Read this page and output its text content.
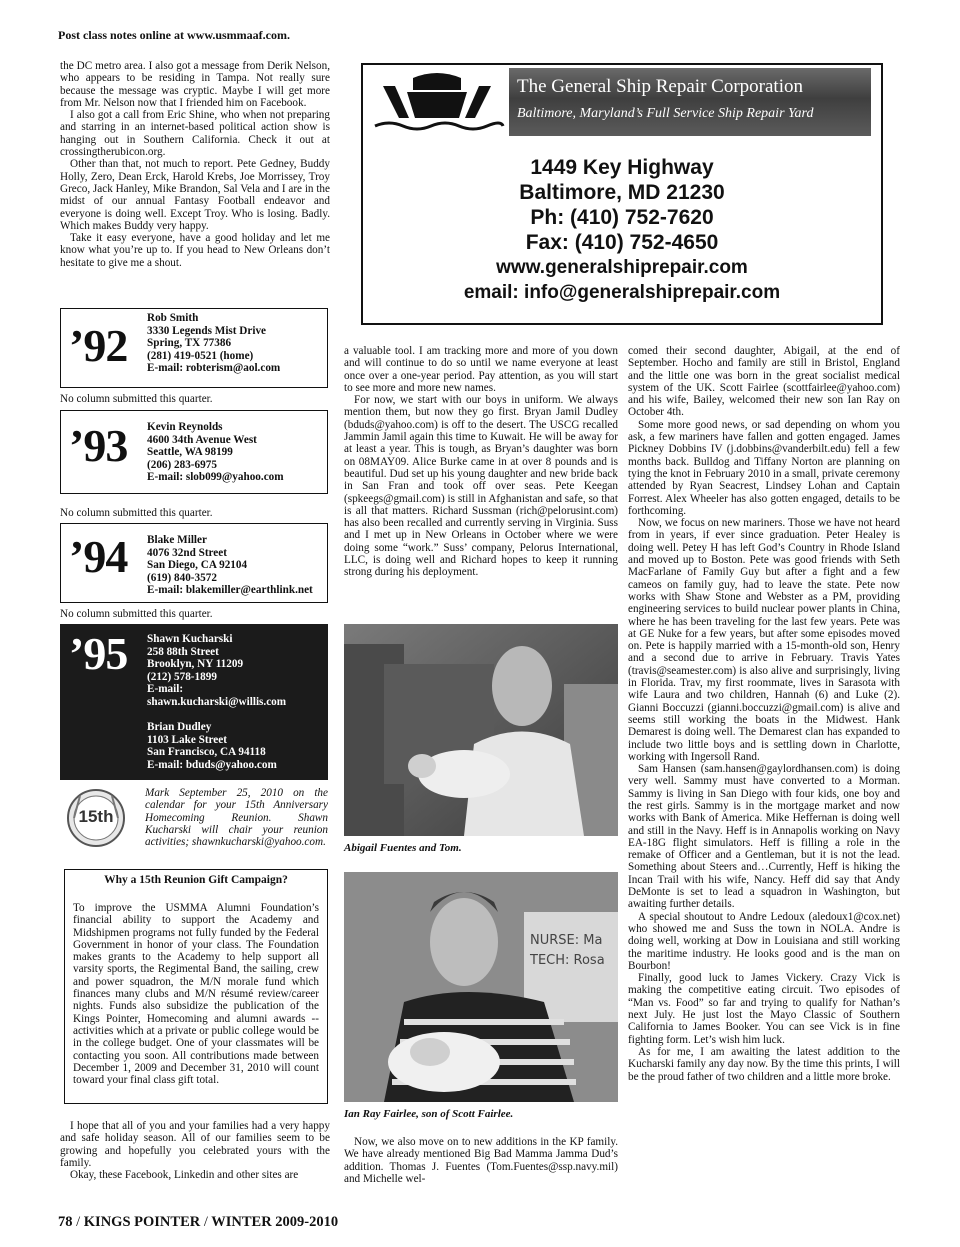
Post class notes online at www.usmmaaf.com.

the DC metro area. I also got a message from Derik Nelson, who appears to be residing in Tampa. Not really sure because the message was cryptic. Maybe I will get more from Mr. Nelson now that I friended him on Facebook.

I also got a call from Eric Shine, who when not preparing and starring in an internet-based political action show is hanging out in Southern California. Check it out at crossingtherubicon.org.

Other than that, not much to report. Pete Gedney, Buddy Holly, Zero, Dean Erck, Harold Krebs, Joe Morrissey, Troy Greco, Jack Hanley, Mike Brandon, Sal Vela and I are in the midst of our annual Fantasy Football endeavor and everyone is doing well. Except Troy. Who is losing. Badly. Which makes Buddy very happy.

Take it easy everyone, have a good holiday and let me know what you’re up to. If you head to New Orleans don’t hesitate to give me a shout.

’92
Rob Smith
3330 Legends Mist Drive
Spring, TX 77386
(281) 419-0521 (home)
E-mail: robterism@aol.com
No column submitted this quarter.
’93 Kevin Reynolds
4600 34th Avenue West
Seattle, WA 98199
(206) 283-6975
E-mail: slob099@yahoo.com
No column submitted this quarter.
’94 Blake Miller
4076 32nd Street
San Diego, CA 92104
(619) 840-3572
E-mail: blakemiller@earthlink.net
No column submitted this quarter.
’95 Shawn Kucharski
258 88th Street
Brooklyn, NY 11209
(212) 578-1899
E-mail:
shawn.kucharski@willis.com
Brian Dudley
1103 Lake Street
San Francisco, CA 94118
E-mail: bduds@yahoo.com
15th
Mark September 25, 2010 on the calendar for your 15th Anniversary Homecoming Reunion. Shawn Kucharski will chair your reunion activities; shawnkucharski@yahoo.com.
Why a 15th Reunion Gift Campaign?
To improve the USMMA Alumni Foundation’s financial ability to support the Academy and Midshipmen programs not fully funded by the Federal Government in honor of your class. The Foundation makes grants to the Academy to help support all varsity sports, the Regimental Band, the sailing, crew and power squadron, the M/N morale fund which finances many clubs and M/N résumé review/career nights. Funds also subsidize the publication of the Kings Pointer, Homecoming and alumni awards -- activities which at a private or public college would be in the college budget. One of your classmates will be contacting you soon. All contributions made between December 1, 2009 and December 31, 2010 will count toward your final class gift total.

I hope that all of you and your families had a very happy and safe holiday season. All of our families seem to be growing and hopefully you celebrated yours with the family.

Okay, these Facebook, Linkedin and other sites are

The General Ship Repair Corporation
Baltimore, Maryland’s Full Service Ship Repair Yard
1449 Key Highway
Baltimore, MD 21230
Ph: (410) 752-7620
Fax: (410) 752-4650
www.generalshiprepair.com
email: info@generalshiprepair.com

a valuable tool. I am tracking more and more of you down and will continue to do so until we name everyone at least once over a one-year period. Pay attention, as you will start to see more and more new names.

For now, we start with our boys in uniform. We always mention them, but now they go first. Bryan Jamil Dudley (bduds@yahoo.com) is off to the desert. The USCG recalled Jammin Jamil again this time to Kuwait. He will be away for at least a year. This is tough, as Bryan’s daughter was born on 08MAY09. Alice Burke came in at over 8 pounds and is beautiful. Dud set up his young daughter and new bride back in San Fran and took off over seas. Pete Keegan (spkeegs@gmail.com) is still in Afghanistan and safe, so that is all that matters. Richard Sussman (rich@pelorusint.com) has also been recalled and currently serving in Virginia. Suss and I met up in New Orleans in October where we were doing some “work.” Suss’ company, Pelorus International, LLC, is doing well and Richard hopes to keep it running strong during his deployment.

Abigail Fuentes and Tom.
NURSE: Ma
TECH: Rosa
Ian Ray Fairlee, son of Scott Fairlee.

Now, we also move on to new additions in the KP family. We have already mentioned Big Bad Mamma Jamma Dud’s addition. Thomas J. Fuentes (Tom.Fuentes@ssp.navy.mil) and Michelle wel-

comed their second daughter, Abigail, at the end of September. Hocho and family are still in Bristol, England and the little one was born in the great socialist medical system of the UK. Scott Fairlee (scottfairlee@yahoo.com) and his wife, Bailey, welcomed their new son Ian Ray on October 4th.

Some more good news, or sad depending on whom you ask, a few mariners have fallen and gotten engaged. James Pickney Dobbins IV (j.dobbins@vanderbilt.edu) fell a few months back. Bulldog and Tiffany Norton are planning on tying the knot in February 2010 in a small, private ceremony attended by Ryan Seacrest, Lindsey Lohan and Captain Forrest. Alex Wheeler has also gotten engaged, details to be forthcoming.

Now, we focus on new mariners. Those we have not heard from in years, if ever since graduation. Peter Healey is doing well. Petey H has left God’s Country in Rhode Island and moved up to Boston. Pete was good friends with Seth MacFarlane of Family Guy but after a fight and a few cameos on family guy, had to leave the state. Pete now works with Shaw Stone and Webster as a PM, providing engineering services to build nuclear power plants in China, where he has been traveling for the last few years. Pete was at GE Nuke for a few years, but after some episodes moved on. Pete is happily married with a 15-month-old son, Henry and a second due to arrive in February. Travis Yates (travis@seamester.com) is also alive and surprisingly, living in Florida. Trav, my first roommate, lives in Sarasota with wife Laura and two children, Hannah (6) and Luke (2). Gianni Boccuzzi (gianni.boccuzzi@gmail.com) is alive and seems still working the boats in the Midwest. Hank Demarest is doing well. The Demarest clan has expanded to include two little boys and is settling down in Charlotte, working with Ingersoll Rand.

Sam Hansen (sam.hansen@gaylordhansen.com) is doing very well. Sammy must have converted to a Morman. Sammy is living in San Diego with four kids, one boy and the rest girls. Sammy is in the mortgage market and now works with Bank of America. Mike Heffernan is doing well and still in the Navy. Heff is in Annapolis working on Navy EA-18G flight simulators. Heff is filling a role in the remake of Officer and a Gentleman, but it is not the lead. Something about Steers and…Currently, Heff is hiking the Incan Trail with his wife, Nancy. Heff did say that Andy DeMonte is set to lead a squadron in Washington, but awaiting further details.

A special shoutout to Andre Ledoux (aledoux1@cox.net) who showed me and Suss the town in NOLA. Andre is doing well, working at Dow in Louisiana and still working the maritime industry. He looks good and is the man on Bourbon!

Finally, good luck to James Vickery. Crazy Vick is making the competitive eating circuit. Two episodes of “Man vs. Food” so far and trying to qualify for Nathan’s next July. He just lost the Mayo Classic of Southern California to James Booker. You can see Vick is in fine fighting form. Let’s wish him luck.

As for me, I am awaiting the latest addition to the Kucharski family any day now. By the time this prints, I will be the proud father of two children and a little more broke.

78 / KINGS POINTER / WINTER 2009-2010
